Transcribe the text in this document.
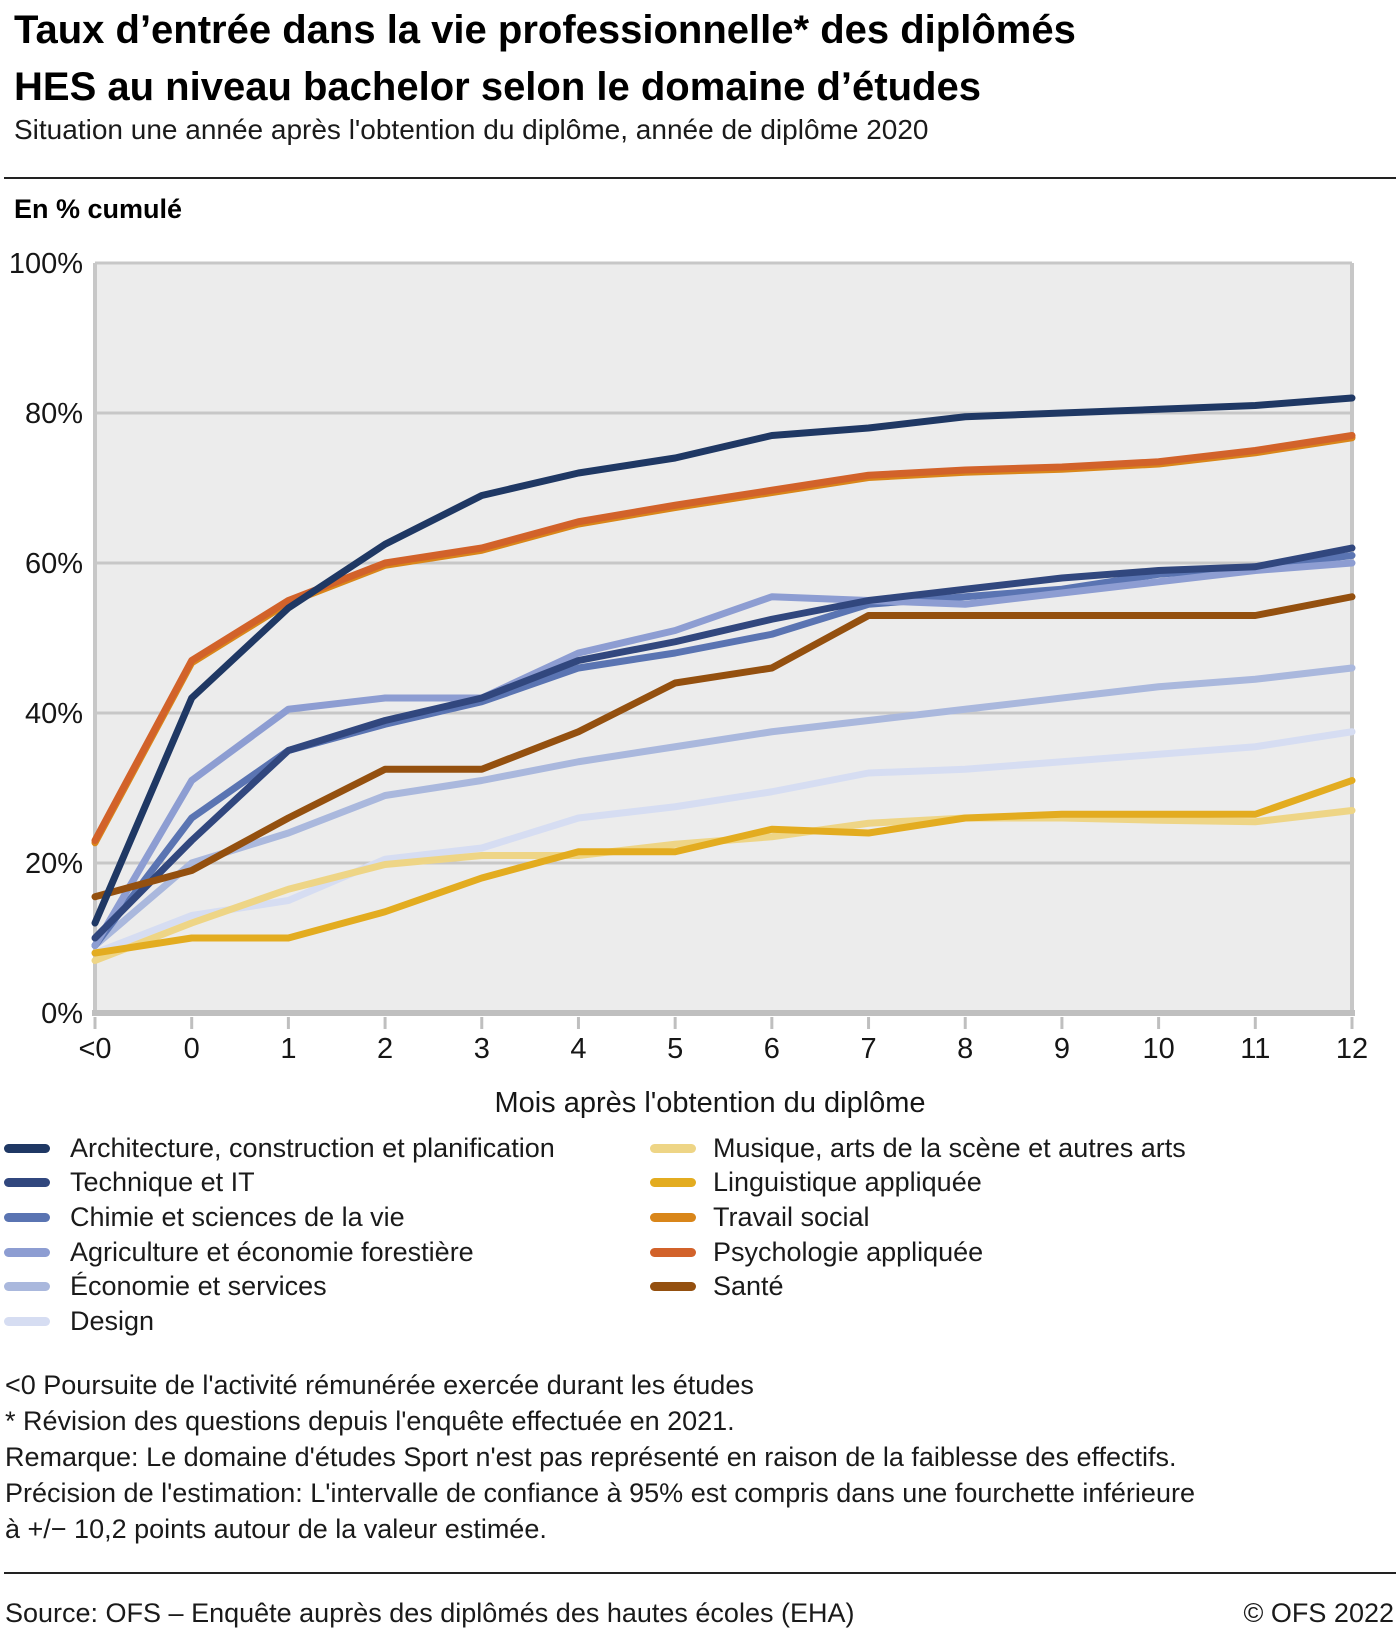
Taux d’entrée dans la vie professionnelle* des diplômés
HES au niveau bachelor selon le domaine d’études
Situation une année après l'obtention du diplôme, année de diplôme 2020
En % cumulé
0%
20%
40%
60%
80%
100%
<0 0	1	2	3	4	5	6	7	8	9 10 11 12
Mois après l'obtention du diplôme
Architecture, construction et planification
Technique et IT
Chimie et sciences de la vie
Agriculture et économie forestière
Économie et services
Design
Musique, arts de la scène et autres arts
Linguistique appliquée
Travail social
Psychologie appliquée
Santé
<0 Poursuite de l'activité rémunérée exercée durant les études
* Révision des questions depuis l'enquête effectuée en 2021.
Remarque: Le domaine d'études Sport n'est pas représenté en raison de la faiblesse des effectifs.
Précision de l'estimation: L'intervalle de confiance à 95% est compris dans une fourchette inférieure
à +/− 10,2 points autour de la valeur estimée.
Source: OFS – Enquête auprès des diplômés des hautes écoles (EHA)	© OFS 2022
